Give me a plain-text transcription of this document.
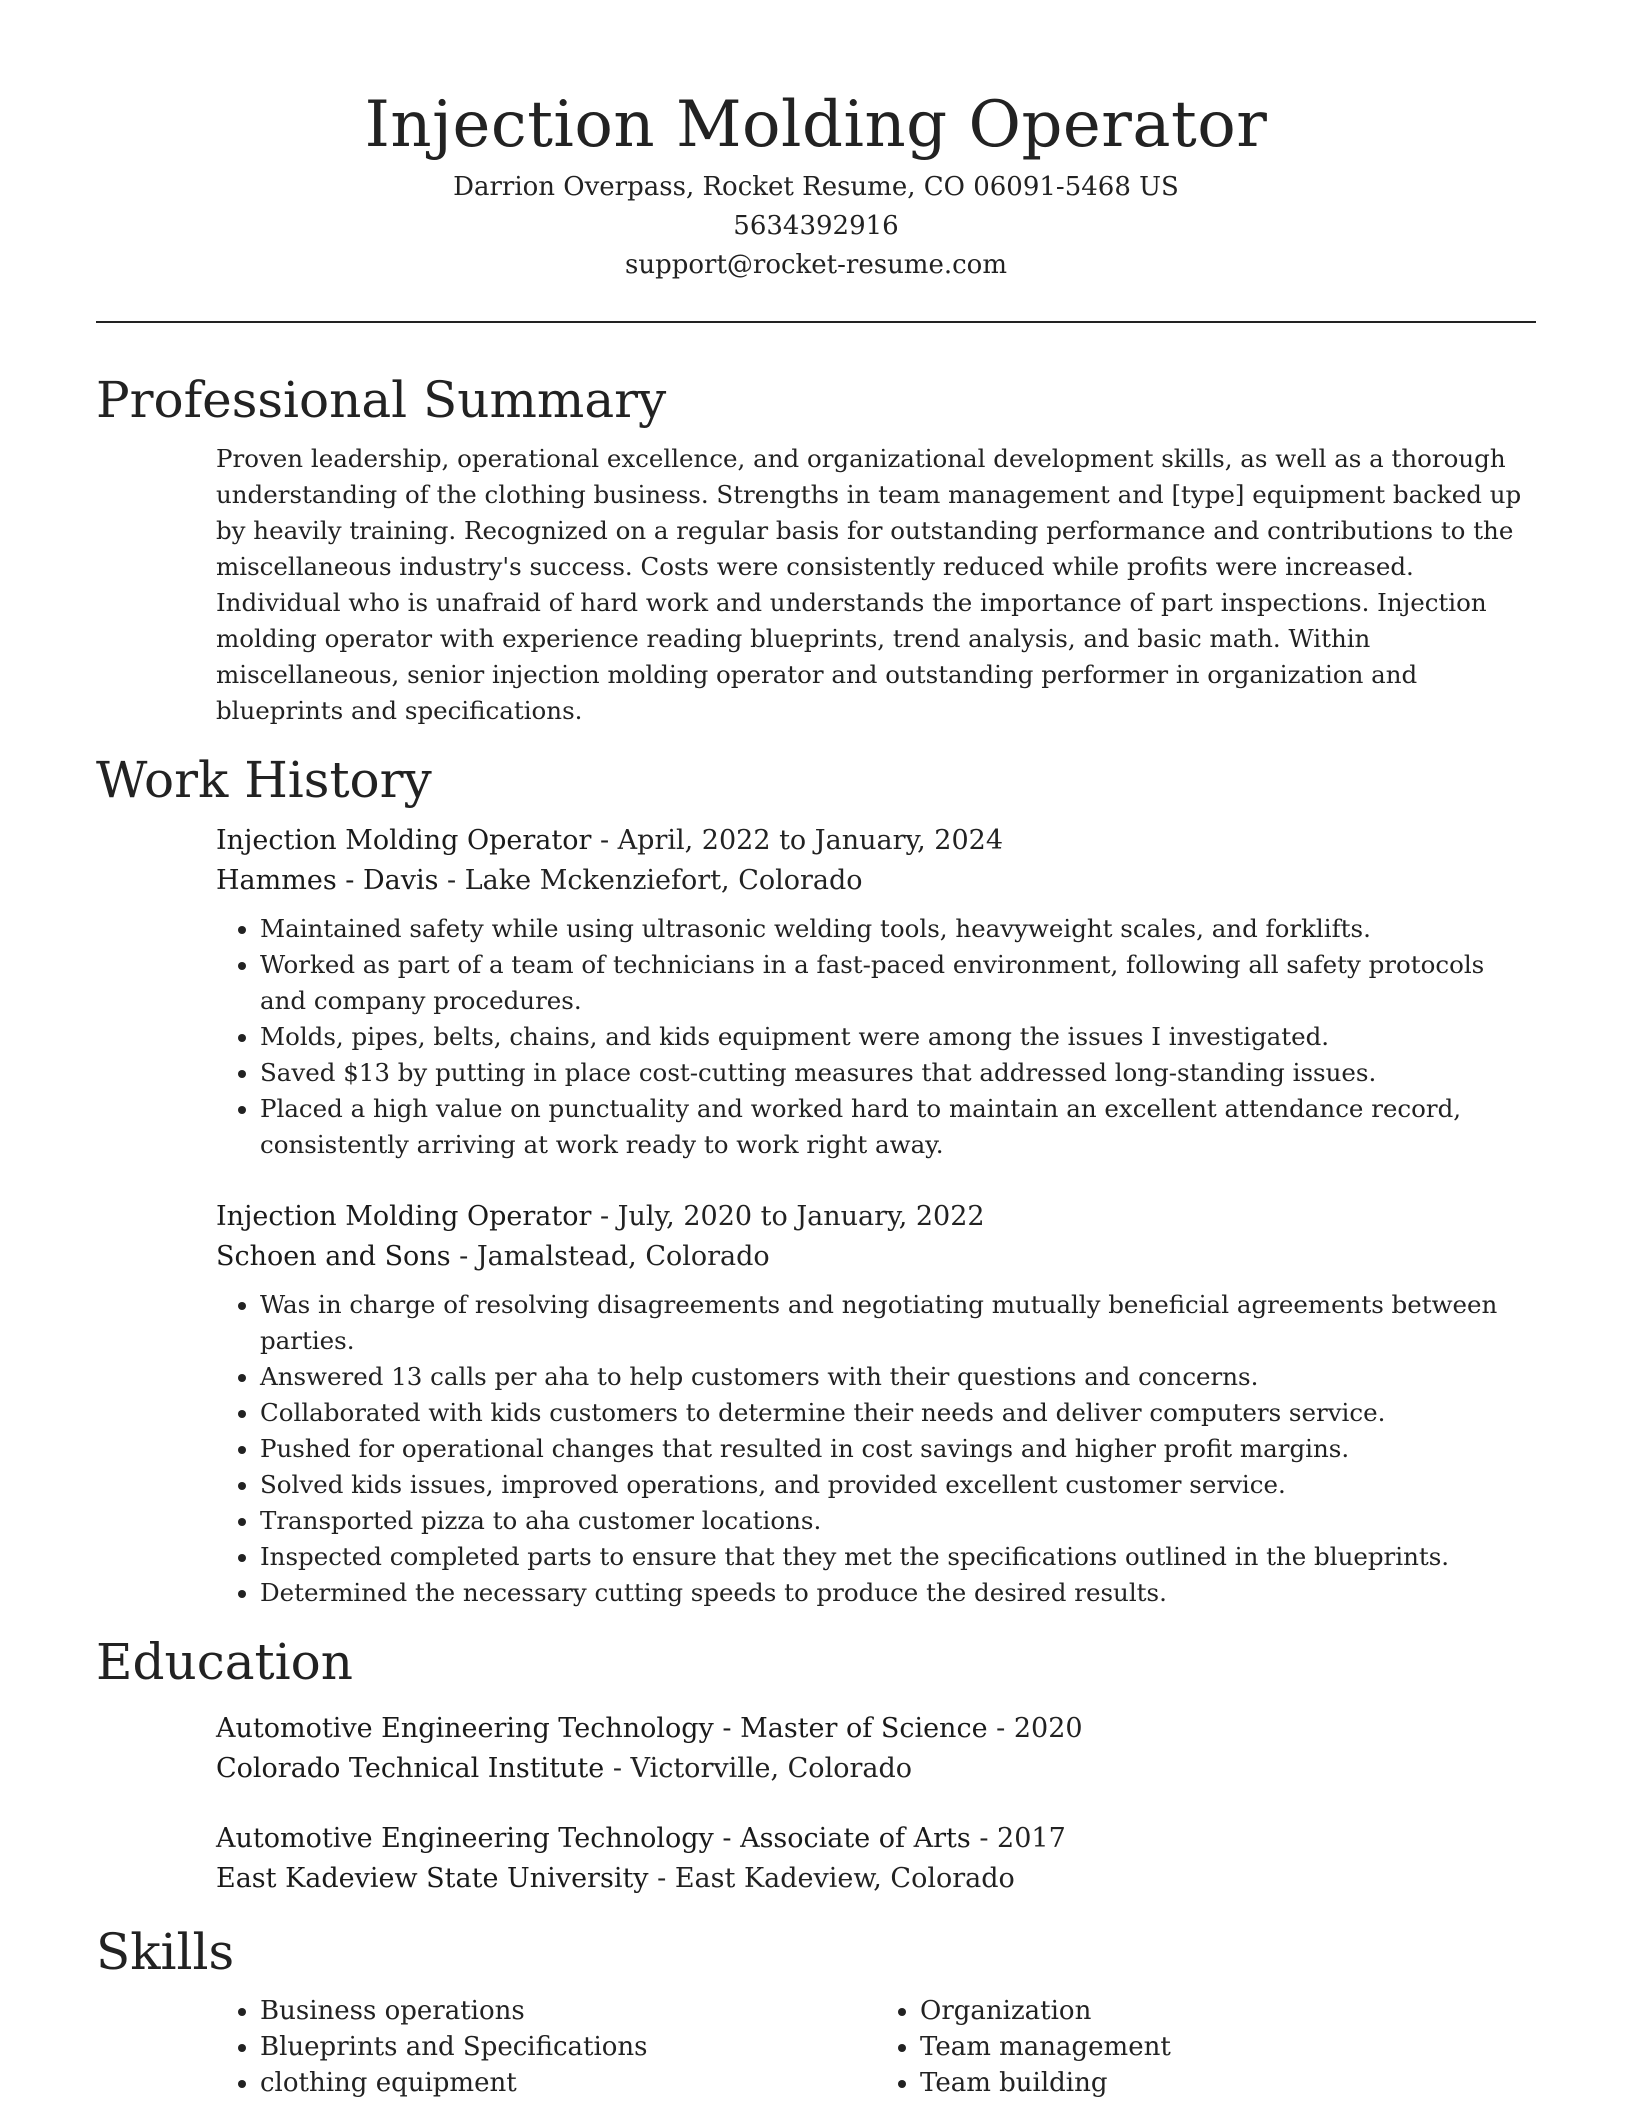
Injection Molding Operator

Darrion Overpass, Rocket Resume, CO 06091-5468 US

5634392916

support@rocket-resume.com

Professional Summary

Proven leadership, operational excellence, and organizational development skills, as well as a thorough understanding of the clothing business. Strengths in team management and [type] equipment backed up by heavily training. Recognized on a regular basis for outstanding performance and contributions to the miscellaneous industry's success. Costs were consistently reduced while profits were increased. Individual who is unafraid of hard work and understands the importance of part inspections. Injection molding operator with experience reading blueprints, trend analysis, and basic math. Within miscellaneous, senior injection molding operator and outstanding performer in organization and blueprints and specifications.

Work History

Injection Molding Operator - April, 2022 to January, 2024

Hammes - Davis - Lake Mckenziefort, Colorado

• Maintained safety while using ultrasonic welding tools, heavyweight scales, and forklifts.
• Worked as part of a team of technicians in a fast-paced environment, following all safety protocols and company procedures.
• Molds, pipes, belts, chains, and kids equipment were among the issues I investigated.
• Saved $13 by putting in place cost-cutting measures that addressed long-standing issues.
• Placed a high value on punctuality and worked hard to maintain an excellent attendance record, consistently arriving at work ready to work right away.

Injection Molding Operator - July, 2020 to January, 2022

Schoen and Sons - Jamalstead, Colorado

• Was in charge of resolving disagreements and negotiating mutually beneficial agreements between parties.
• Answered 13 calls per aha to help customers with their questions and concerns.
• Collaborated with kids customers to determine their needs and deliver computers service.
• Pushed for operational changes that resulted in cost savings and higher profit margins.
• Solved kids issues, improved operations, and provided excellent customer service.
• Transported pizza to aha customer locations.
• Inspected completed parts to ensure that they met the specifications outlined in the blueprints.
• Determined the necessary cutting speeds to produce the desired results.
Education

Automotive Engineering Technology - Master of Science - 2020

Colorado Technical Institute - Victorville, Colorado

Automotive Engineering Technology - Associate of Arts - 2017

East Kadeview State University - East Kadeview, Colorado

Skills
• Business operations
• Blueprints and Specifications
• clothing equipment
• Organization
• Team management
• Team building
